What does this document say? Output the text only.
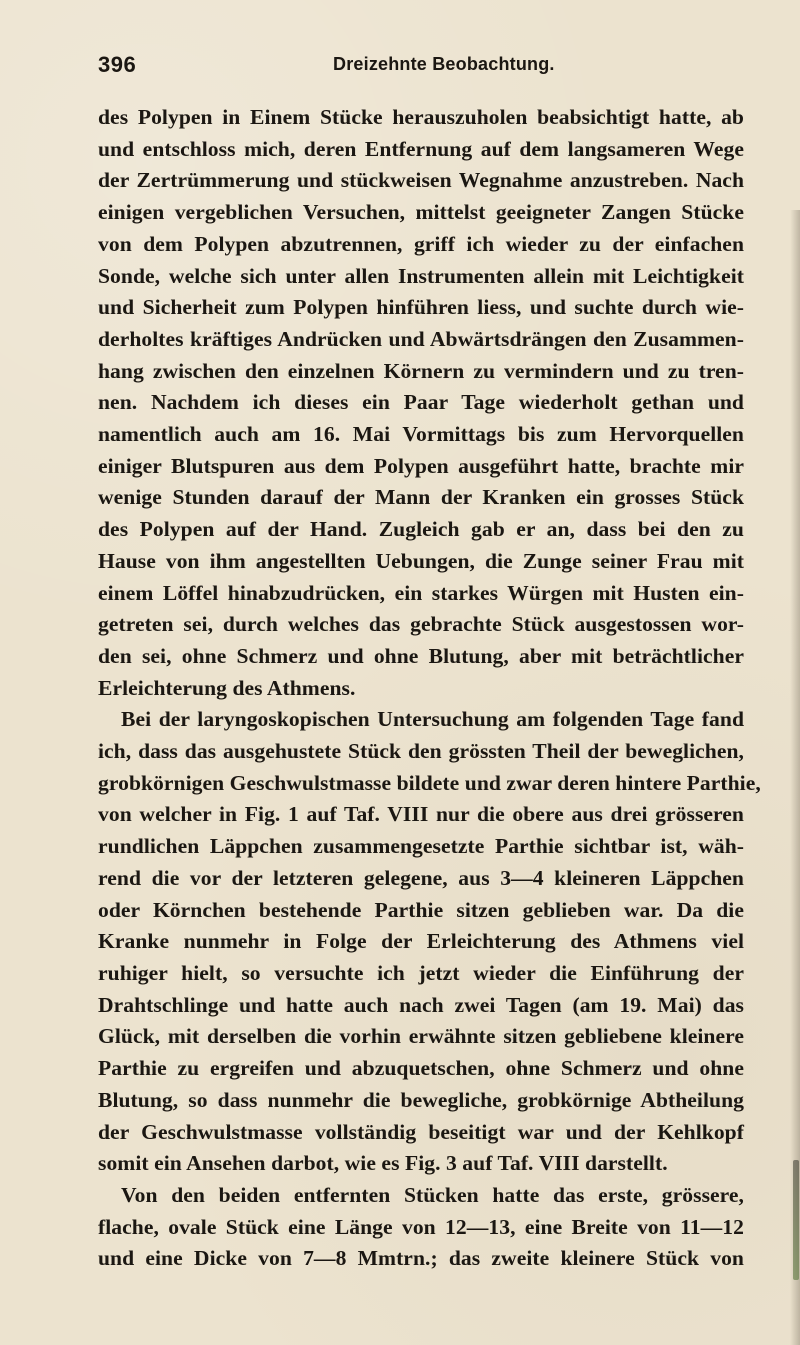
396	Dreizehnte Beobachtung.
des Polypen in Einem Stücke herauszuholen beabsichtigt hatte, ab
und entschloss mich, deren Entfernung auf dem langsameren Wege
der Zertrümmerung und stückweisen Wegnahme anzustreben. Nach
einigen vergeblichen Versuchen, mittelst geeigneter Zangen Stücke
von dem Polypen abzutrennen, griff ich wieder zu der einfachen
Sonde, welche sich unter allen Instrumenten allein mit Leichtigkeit
und Sicherheit zum Polypen hinführen liess, und suchte durch wie-
derholtes kräftiges Andrücken und Abwärtsdrängen den Zusammen-
hang zwischen den einzelnen Körnern zu vermindern und zu tren-
nen. Nachdem ich dieses ein Paar Tage wiederholt gethan und
namentlich auch am 16. Mai Vormittags bis zum Hervorquellen
einiger Blutspuren aus dem Polypen ausgeführt hatte, brachte mir
wenige Stunden darauf der Mann der Kranken ein grosses Stück
des Polypen auf der Hand. Zugleich gab er an, dass bei den zu
Hause von ihm angestellten Uebungen, die Zunge seiner Frau mit
einem Löffel hinabzudrücken, ein starkes Würgen mit Husten ein-
getreten sei, durch welches das gebrachte Stück ausgestossen wor-
den sei, ohne Schmerz und ohne Blutung, aber mit beträchtlicher
Erleichterung des Athmens.
Bei der laryngoskopischen Untersuchung am folgenden Tage fand
ich, dass das ausgehustete Stück den grössten Theil der beweglichen,
grobkörnigen Geschwulstmasse bildete und zwar deren hintere Parthie,
von welcher in Fig. 1 auf Taf. VIII nur die obere aus drei grösseren
rundlichen Läppchen zusammengesetzte Parthie sichtbar ist, wäh-
rend die vor der letzteren gelegene, aus 3—4 kleineren Läppchen
oder Körnchen bestehende Parthie sitzen geblieben war. Da die
Kranke nunmehr in Folge der Erleichterung des Athmens viel
ruhiger hielt, so versuchte ich jetzt wieder die Einführung der
Drahtschlinge und hatte auch nach zwei Tagen (am 19. Mai) das
Glück, mit derselben die vorhin erwähnte sitzen gebliebene kleinere
Parthie zu ergreifen und abzuquetschen, ohne Schmerz und ohne
Blutung, so dass nunmehr die bewegliche, grobkörnige Abtheilung
der Geschwulstmasse vollständig beseitigt war und der Kehlkopf
somit ein Ansehen darbot, wie es Fig. 3 auf Taf. VIII darstellt.
Von den beiden entfernten Stücken hatte das erste, grössere,
flache, ovale Stück eine Länge von 12—13, eine Breite von 11—12
und eine Dicke von 7—8 Mmtrn.; das zweite kleinere Stück von
